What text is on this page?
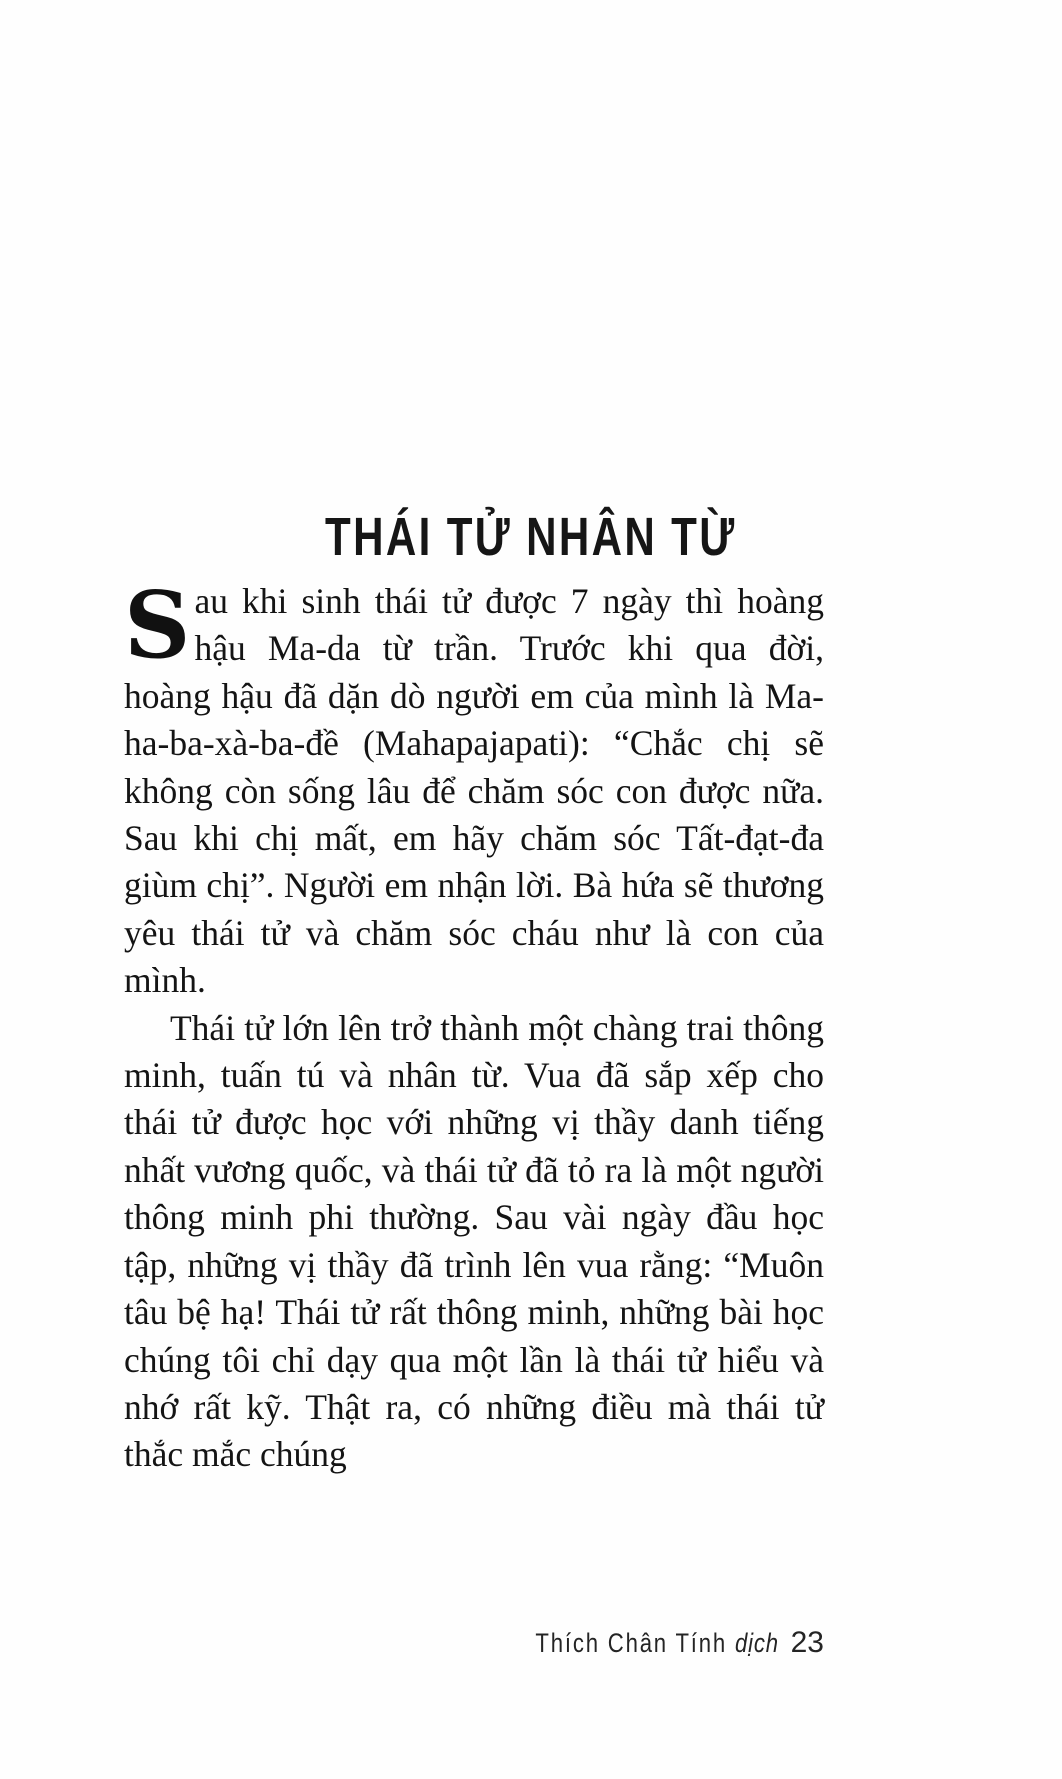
THÁI TỬ NHÂN TỪ

Sau khi sinh thái tử được 7 ngày thì hoàng hậu Ma-da từ trần. Trước khi qua đời, hoàng hậu đã dặn dò người em của mình là Ma-ha-ba-xà-ba-đề (Mahapajapati): “Chắc chị sẽ không còn sống lâu để chăm sóc con được nữa. Sau khi chị mất, em hãy chăm sóc Tất-đạt-đa giùm chị”. Người em nhận lời. Bà hứa sẽ thương yêu thái tử và chăm sóc cháu như là con của mình.

Thái tử lớn lên trở thành một chàng trai thông minh, tuấn tú và nhân từ. Vua đã sắp xếp cho thái tử được học với những vị thầy danh tiếng nhất vương quốc, và thái tử đã tỏ ra là một người thông minh phi thường. Sau vài ngày đầu học tập, những vị thầy đã trình lên vua rằng: “Muôn tâu bệ hạ! Thái tử rất thông minh, những bài học chúng tôi chỉ dạy qua một lần là thái tử hiểu và nhớ rất kỹ. Thật ra, có những điều mà thái tử thắc mắc chúng

Thích Chân Tính dịch 23
